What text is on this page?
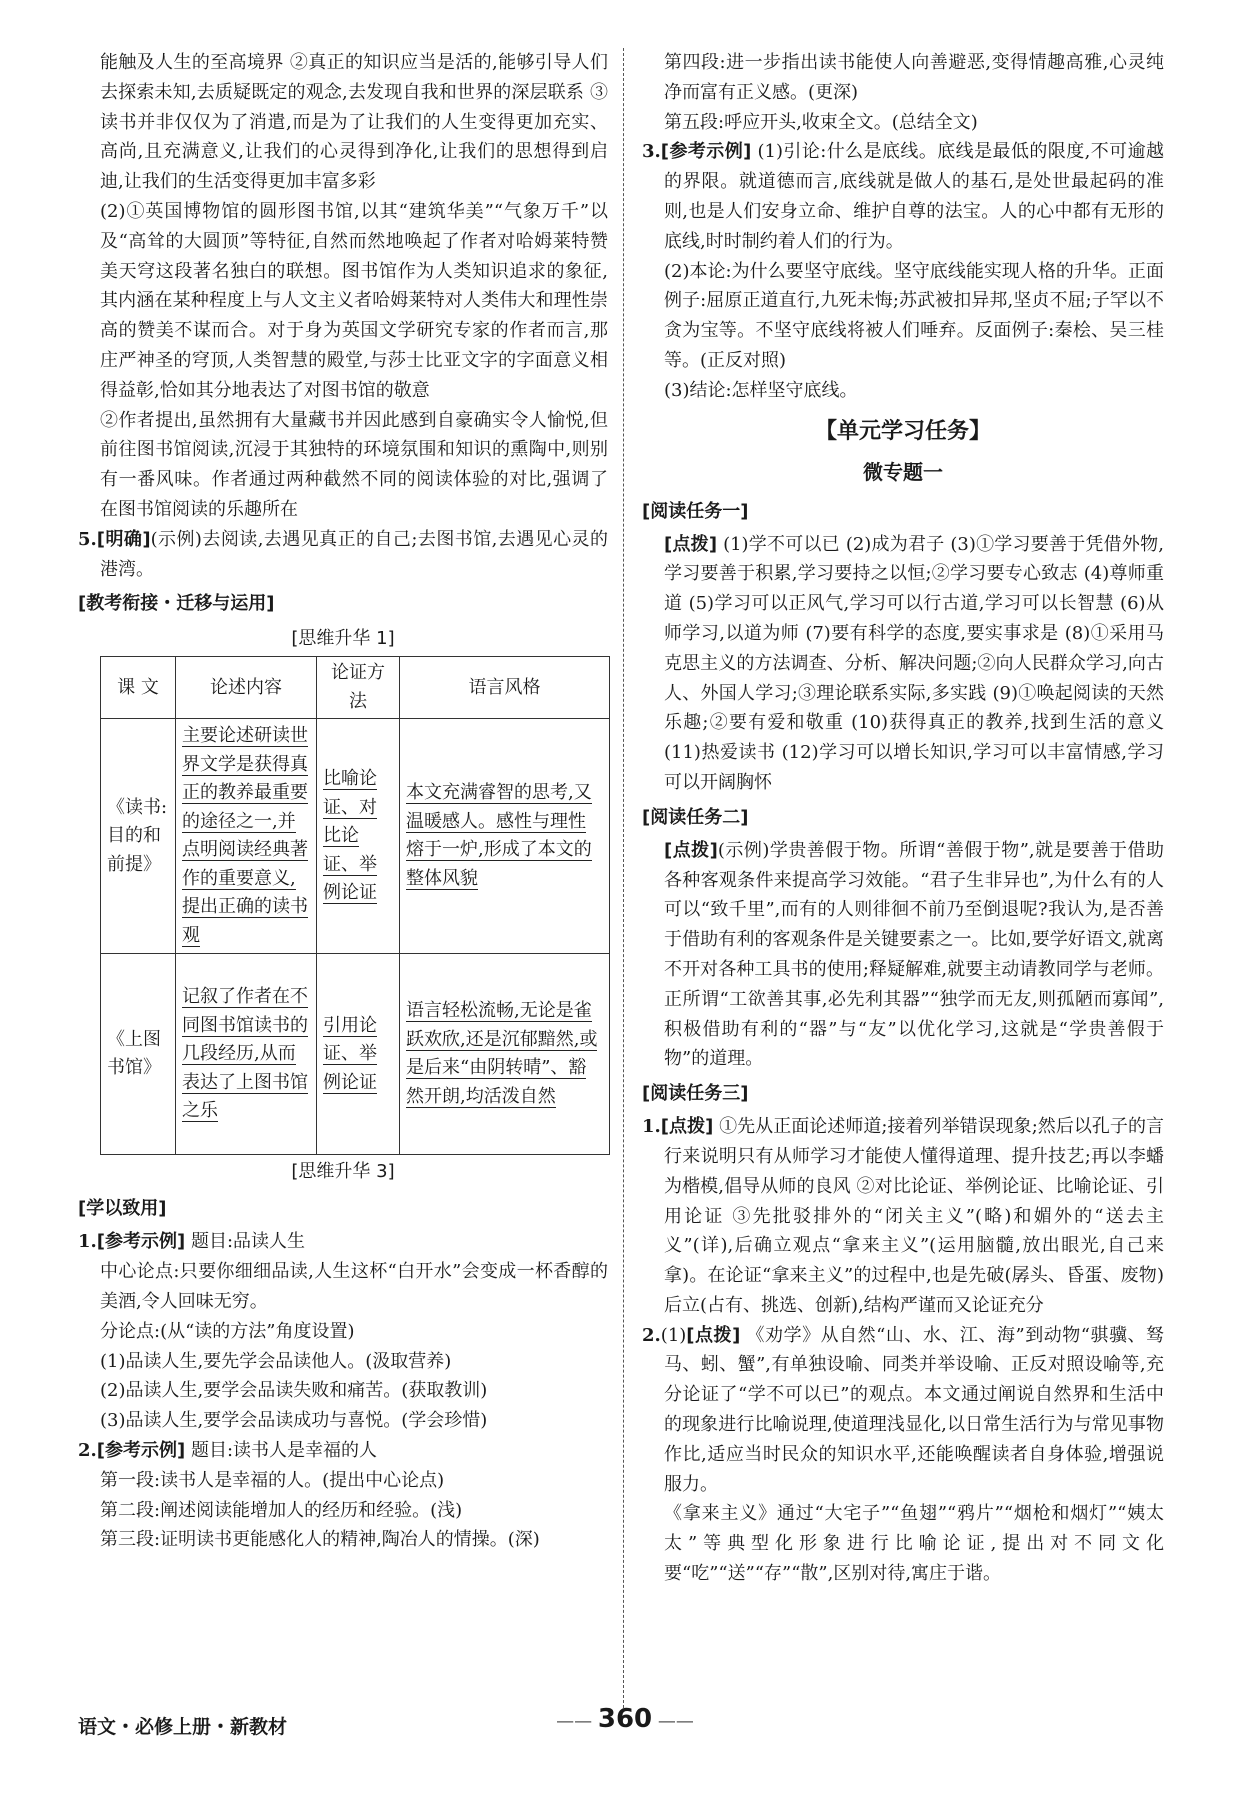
能触及人生的至高境界 ②真正的知识应当是活的,能够引导人们去探索未知,去质疑既定的观念,去发现自我和世界的深层联系 ③读书并非仅仅为了消遣,而是为了让我们的人生变得更加充实、高尚,且充满意义,让我们的心灵得到净化,让我们的思想得到启迪,让我们的生活变得更加丰富多彩

(2)①英国博物馆的圆形图书馆,以其“建筑华美”“气象万千”以及“高耸的大圆顶”等特征,自然而然地唤起了作者对哈姆莱特赞美天穹这段著名独白的联想。图书馆作为人类知识追求的象征,其内涵在某种程度上与人文主义者哈姆莱特对人类伟大和理性崇高的赞美不谋而合。对于身为英国文学研究专家的作者而言,那庄严神圣的穹顶,人类智慧的殿堂,与莎士比亚文字的字面意义相得益彰,恰如其分地表达了对图书馆的敬意

②作者提出,虽然拥有大量藏书并因此感到自豪确实令人愉悦,但前往图书馆阅读,沉浸于其独特的环境氛围和知识的熏陶中,则别有一番风味。作者通过两种截然不同的阅读体验的对比,强调了在图书馆阅读的乐趣所在

5.[明确](示例)去阅读,去遇见真正的自己;去图书馆,去遇见心灵的港湾。

[教考衔接・迁移与运用]
[思维升华 1]
课 文	论述内容	论证方法	语言风格
《读书:目的和前提》	主要论述研读世界文学是获得真正的教养最重要的途径之一,并点明阅读经典著作的重要意义,提出正确的读书观	比喻论证、对比论证、举例论证	本文充满睿智的思考,又温暖感人。感性与理性熔于一炉,形成了本文的整体风貌
《上图书馆》	记叙了作者在不同图书馆读书的几段经历,从而表达了上图书馆之乐	引用论证、举例论证	语言轻松流畅,无论是雀跃欢欣,还是沉郁黯然,或是后来“由阴转晴”、豁然开朗,均活泼自然
[思维升华 3]
[学以致用]

1.[参考示例] 题目:品读人生

中心论点:只要你细细品读,人生这杯“白开水”会变成一杯香醇的美酒,令人回味无穷。

分论点:(从“读的方法”角度设置)

(1)品读人生,要先学会品读他人。(汲取营养)

(2)品读人生,要学会品读失败和痛苦。(获取教训)

(3)品读人生,要学会品读成功与喜悦。(学会珍惜)

2.[参考示例] 题目:读书人是幸福的人

第一段:读书人是幸福的人。(提出中心论点)

第二段:阐述阅读能增加人的经历和经验。(浅)

第三段:证明读书更能感化人的精神,陶冶人的情操。(深)

第四段:进一步指出读书能使人向善避恶,变得情趣高雅,心灵纯净而富有正义感。(更深)

第五段:呼应开头,收束全文。(总结全文)

3.[参考示例] (1)引论:什么是底线。底线是最低的限度,不可逾越的界限。就道德而言,底线就是做人的基石,是处世最起码的准则,也是人们安身立命、维护自尊的法宝。人的心中都有无形的底线,时时制约着人们的行为。

(2)本论:为什么要坚守底线。坚守底线能实现人格的升华。正面例子:屈原正道直行,九死未悔;苏武被扣异邦,坚贞不屈;子罕以不贪为宝等。不坚守底线将被人们唾弃。反面例子:秦桧、吴三桂等。(正反对照)

(3)结论:怎样坚守底线。

【单元学习任务】
微专题一
[阅读任务一]

[点拨] (1)学不可以已 (2)成为君子 (3)①学习要善于凭借外物,学习要善于积累,学习要持之以恒;②学习要专心致志 (4)尊师重道 (5)学习可以正风气,学习可以行古道,学习可以长智慧 (6)从师学习,以道为师 (7)要有科学的态度,要实事求是 (8)①采用马克思主义的方法调查、分析、解决问题;②向人民群众学习,向古人、外国人学习;③理论联系实际,多实践 (9)①唤起阅读的天然乐趣;②要有爱和敬重 (10)获得真正的教养,找到生活的意义 (11)热爱读书 (12)学习可以增长知识,学习可以丰富情感,学习可以开阔胸怀

[阅读任务二]

[点拨](示例)学贵善假于物。所谓“善假于物”,就是要善于借助各种客观条件来提高学习效能。“君子生非异也”,为什么有的人可以“致千里”,而有的人则徘徊不前乃至倒退呢?我认为,是否善于借助有利的客观条件是关键要素之一。比如,要学好语文,就离不开对各种工具书的使用;释疑解难,就要主动请教同学与老师。正所谓“工欲善其事,必先利其器”“独学而无友,则孤陋而寡闻”,积极借助有利的“器”与“友”以优化学习,这就是“学贵善假于物”的道理。

[阅读任务三]

1.[点拨] ①先从正面论述师道;接着列举错误现象;然后以孔子的言行来说明只有从师学习才能使人懂得道理、提升技艺;再以李蟠为楷模,倡导从师的良风 ②对比论证、举例论证、比喻论证、引用论证 ③先批驳排外的“闭关主义”(略)和媚外的“送去主义”(详),后确立观点“拿来主义”(运用脑髓,放出眼光,自己来拿)。在论证“拿来主义”的过程中,也是先破(孱头、昏蛋、废物)后立(占有、挑选、创新),结构严谨而又论证充分

2.(1)[点拨] 《劝学》从自然“山、水、江、海”到动物“骐骥、驽马、蚓、蟹”,有单独设喻、同类并举设喻、正反对照设喻等,充分论证了“学不可以已”的观点。本文通过阐说自然界和生活中的现象进行比喻说理,使道理浅显化,以日常生活行为与常见事物作比,适应当时民众的知识水平,还能唤醒读者自身体验,增强说服力。

《拿来主义》通过“大宅子”“鱼翅”“鸦片”“烟枪和烟灯”“姨太太”等典型化形象进行比喻论证,提出对不同文化要“吃”“送”“存”“散”,区别对待,寓庄于谐。

语文・必修上册・新教材	—— 360 ——
